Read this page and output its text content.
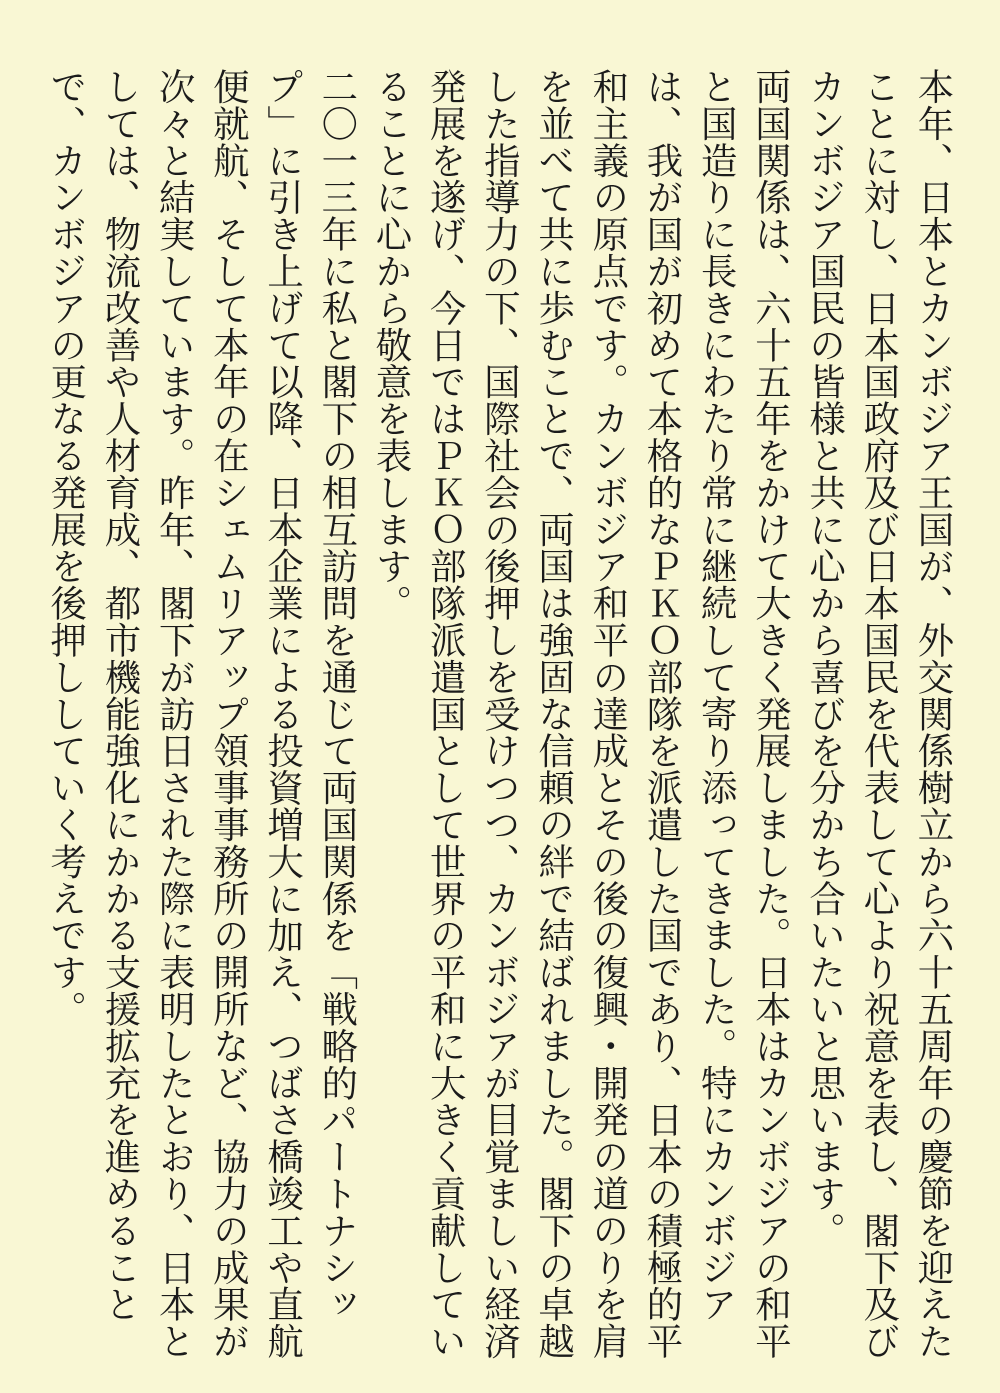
本年、日本とカンボジア王国が、外交関係樹立から六十五周年の慶節を迎えたことに対し、日本国政府及び日本国民を代表して心より祝意を表し、閣下及びカンボジア国民の皆様と共に心から喜びを分かち合いたいと思います。

両国関係は、六十五年をかけて大きく発展しました。日本はカンボジアの和平と国造りに長きにわたり常に継続して寄り添ってきました。特にカンボジアは、我が国が初めて本格的なＰＫＯ部隊を派遣した国であり、日本の積極的平和主義の原点です。カンボジア和平の達成とその後の復興・開発の道のりを肩を並べて共に歩むことで、両国は強固な信頼の絆で結ばれました。閣下の卓越した指導力の下、国際社会の後押しを受けつつ、カンボジアが目覚ましい経済発展を遂げ、今日ではＰＫＯ部隊派遣国として世界の平和に大きく貢献していることに心から敬意を表します。

二〇一三年に私と閣下の相互訪問を通じて両国関係を「戦略的パートナシップ」に引き上げて以降、日本企業による投資増大に加え、つばさ橋竣工や直航便就航、そして本年の在シェムリアップ領事事務所の開所など、協力の成果が次々と結実しています。昨年、閣下が訪日された際に表明したとおり、日本としては、物流改善や人材育成、都市機能強化にかかる支援拡充を進めることで、カンボジアの更なる発展を後押ししていく考えです。
